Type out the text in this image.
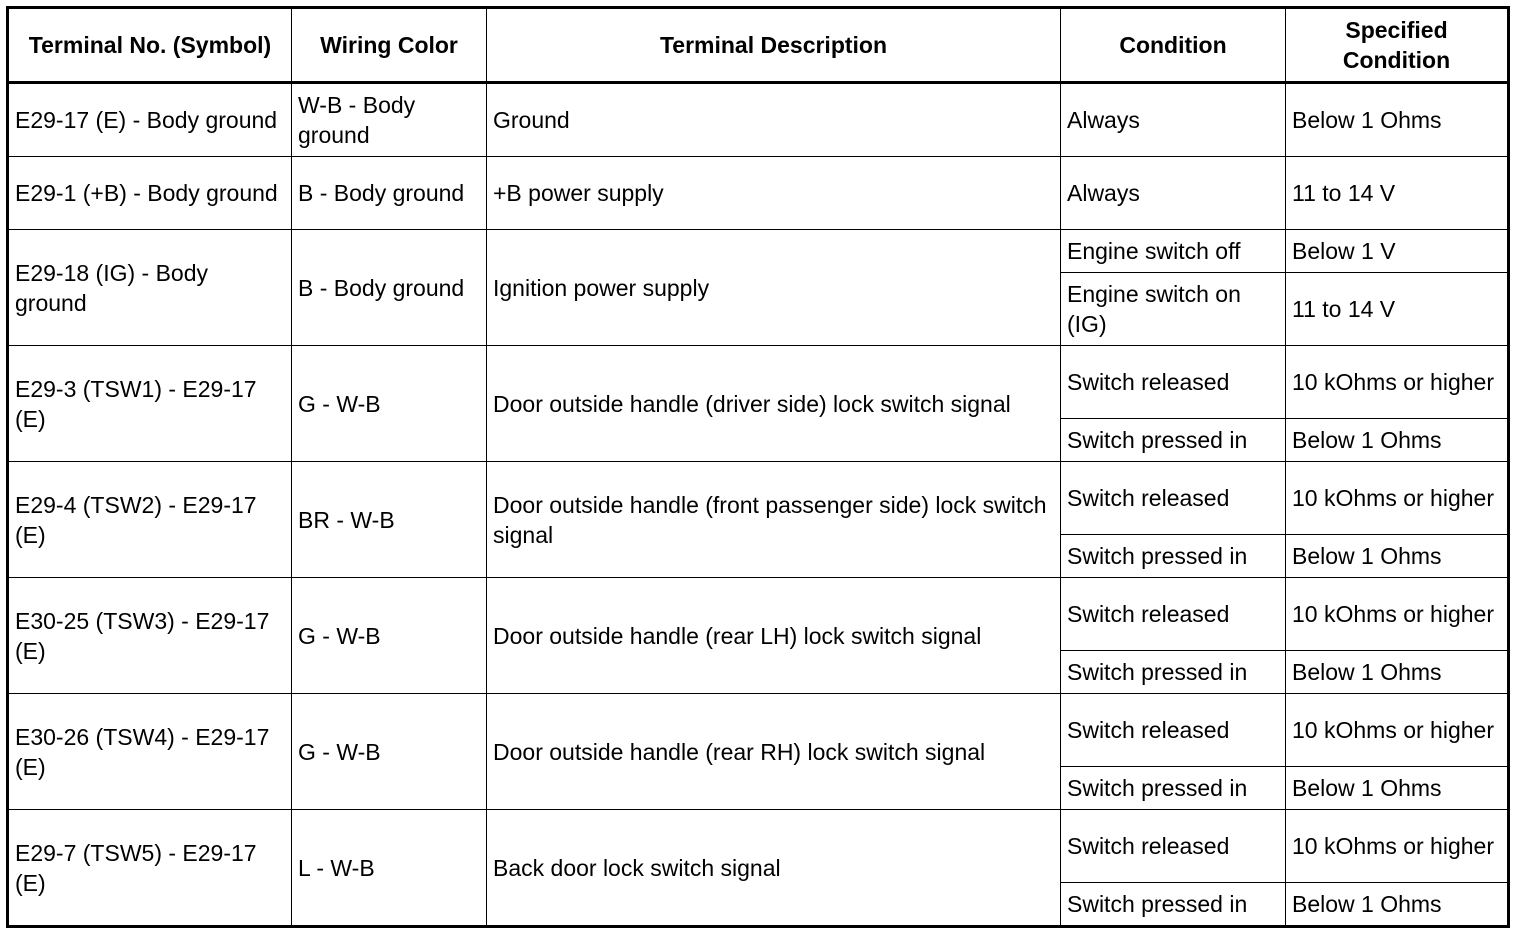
Terminal No. (Symbol)	Wiring Color	Terminal Description	Condition	Specified
Condition
E29-17 (E) - Body ground	W-B - Body ground	Ground	Always	Below 1 Ohms
E29-1 (+B) - Body ground	B - Body ground	+B power supply	Always	11 to 14 V
E29-18 (IG) - Body ground	B - Body ground	Ignition power supply	Engine switch off	Below 1 V
			Engine switch on (IG)	11 to 14 V
E29-3 (TSW1) - E29-17 (E)	G - W-B	Door outside handle (driver side) lock switch signal	Switch released	10 kOhms or higher
			Switch pressed in	Below 1 Ohms
E29-4 (TSW2) - E29-17 (E)	BR - W-B	Door outside handle (front passenger side) lock switch signal	Switch released	10 kOhms or higher
			Switch pressed in	Below 1 Ohms
E30-25 (TSW3) - E29-17 (E)	G - W-B	Door outside handle (rear LH) lock switch signal	Switch released	10 kOhms or higher
			Switch pressed in	Below 1 Ohms
E30-26 (TSW4) - E29-17 (E)	G - W-B	Door outside handle (rear RH) lock switch signal	Switch released	10 kOhms or higher
			Switch pressed in	Below 1 Ohms
E29-7 (TSW5) - E29-17 (E)	L - W-B	Back door lock switch signal	Switch released	10 kOhms or higher
			Switch pressed in	Below 1 Ohms
